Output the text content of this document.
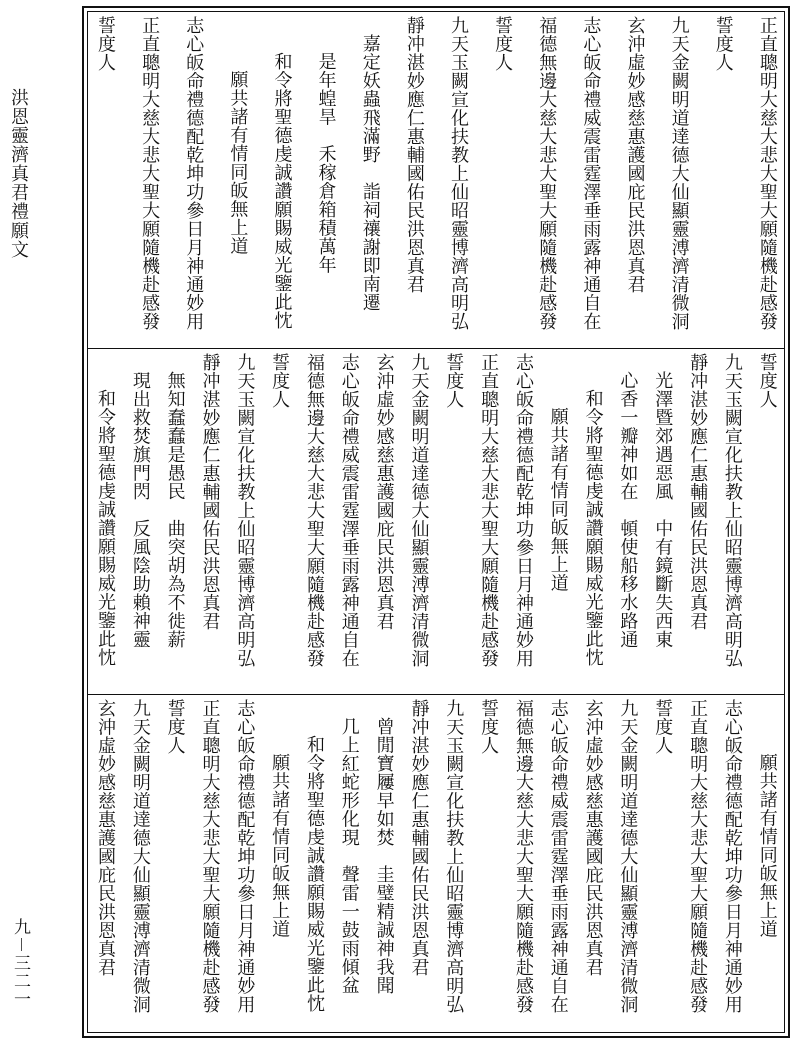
洪恩靈濟真君禮願文
九－三二一
正直聰明大慈大悲大聖大願隨機赴感發
誓度人
九天金闕明道達德大仙顯靈溥濟清微洞
玄沖虛妙感慈惠護國庇民洪恩真君
志心皈命禮威震雷霆澤垂雨露神通自在
福德無邊大慈大悲大聖大願隨機赴感發
誓度人
九天玉闕宣化扶教上仙昭靈博濟高明弘
靜冲湛妙應仁惠輔國佑民洪恩真君
嘉定妖蟲飛滿野　詣祠禳謝即南遷
是年蝗旱　禾稼倉箱積萬年
和令將聖德虔誠讚願賜威光鑒此忱
願共諸有情同皈無上道
志心皈命禮德配乾坤功參日月神通妙用
正直聰明大慈大悲大聖大願隨機赴感發
誓度人
誓度人
九天玉闕宣化扶教上仙昭靈博濟高明弘
靜冲湛妙應仁惠輔國佑民洪恩真君
光澤暨郊遇惡風　中有鏡斷失西東
心香一瓣神如在　頓使船移水路通
和令將聖德虔誠讚願賜威光鑒此忱
願共諸有情同皈無上道
志心皈命禮德配乾坤功參日月神通妙用
正直聰明大慈大悲大聖大願隨機赴感發
誓度人
九天金闕明道達德大仙顯靈溥濟清微洞
玄沖虛妙感慈惠護國庇民洪恩真君
志心皈命禮威震雷霆澤垂雨露神通自在
福德無邊大慈大悲大聖大願隨機赴感發
誓度人
九天玉闕宣化扶教上仙昭靈博濟高明弘
靜冲湛妙應仁惠輔國佑民洪恩真君
無知蠢蠢是愚民　曲突胡為不徙薪
現出救焚旗門閃　反風陰助賴神靈
和令將聖德虔誠讚願賜威光鑒此忱
願共諸有情同皈無上道
志心皈命禮德配乾坤功參日月神通妙用
正直聰明大慈大悲大聖大願隨機赴感發
誓度人
九天金闕明道達德大仙顯靈溥濟清微洞
玄沖虛妙感慈惠護國庇民洪恩真君
志心皈命禮威震雷霆澤垂雨露神通自在
福德無邊大慈大悲大聖大願隨機赴感發
誓度人
九天玉闕宣化扶教上仙昭靈博濟高明弘
靜冲湛妙應仁惠輔國佑民洪恩真君
曾閒寶屨早如焚　圭璧精誠神我聞
几上紅蛇形化現　聲雷一鼓雨傾盆
和令將聖德虔誠讚願賜威光鑒此忱
願共諸有情同皈無上道
志心皈命禮德配乾坤功參日月神通妙用
正直聰明大慈大悲大聖大願隨機赴感發
誓度人
九天金闕明道達德大仙顯靈溥濟清微洞
玄沖虛妙感慈惠護國庇民洪恩真君
